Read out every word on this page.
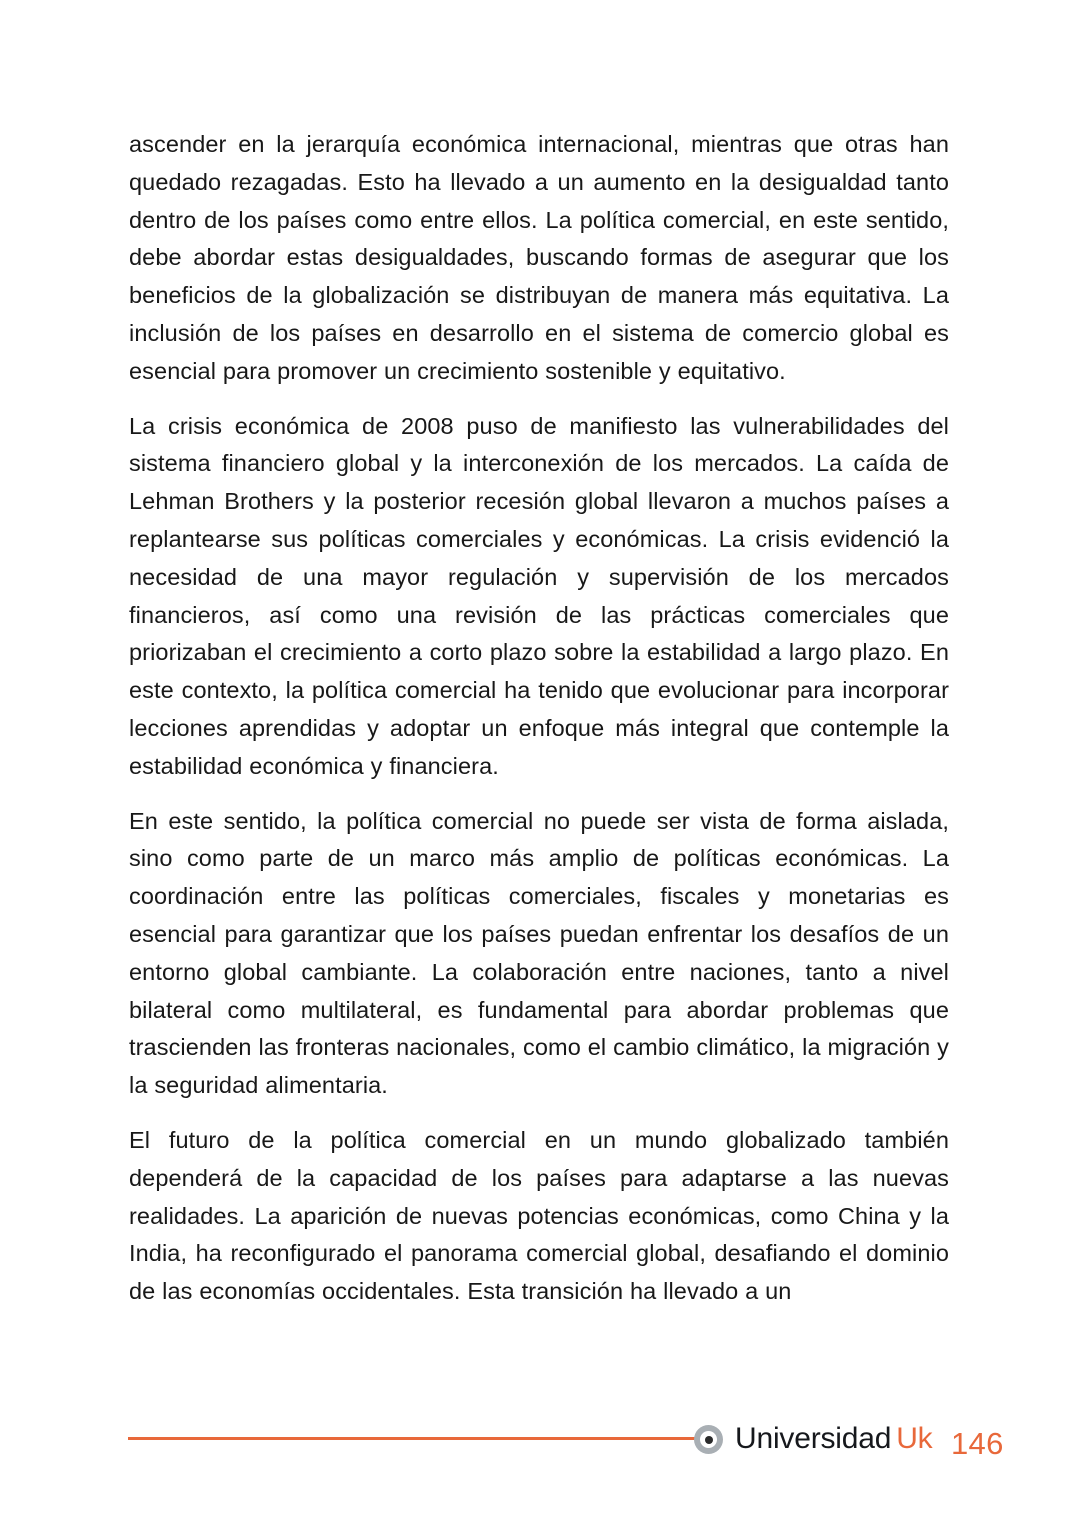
ascender en la jerarquía económica internacional, mientras que otras han quedado rezagadas. Esto ha llevado a un aumento en la desigualdad tanto dentro de los países como entre ellos. La política comercial, en este sentido, debe abordar estas desigualdades, buscando formas de asegurar que los beneficios de la globalización se distribuyan de manera más equitativa. La inclusión de los países en desarrollo en el sistema de comercio global es esencial para promover un crecimiento sostenible y equitativo.

La crisis económica de 2008 puso de manifiesto las vulnerabilidades del sistema financiero global y la interconexión de los mercados. La caída de Lehman Brothers y la posterior recesión global llevaron a muchos países a replantearse sus políticas comerciales y económicas. La crisis evidenció la necesidad de una mayor regulación y supervisión de los mercados financieros, así como una revisión de las prácticas comerciales que priorizaban el crecimiento a corto plazo sobre la estabilidad a largo plazo. En este contexto, la política comercial ha tenido que evolucionar para incorporar lecciones aprendidas y adoptar un enfoque más integral que contemple la estabilidad económica y financiera.

En este sentido, la política comercial no puede ser vista de forma aislada, sino como parte de un marco más amplio de políticas económicas. La coordinación entre las políticas comerciales, fiscales y monetarias es esencial para garantizar que los países puedan enfrentar los desafíos de un entorno global cambiante. La colaboración entre naciones, tanto a nivel bilateral como multilateral, es fundamental para abordar problemas que trascienden las fronteras nacionales, como el cambio climático, la migración y la seguridad alimentaria.

El futuro de la política comercial en un mundo globalizado también dependerá de la capacidad de los países para adaptarse a las nuevas realidades. La aparición de nuevas potencias económicas, como China y la India, ha reconfigurado el panorama comercial global, desafiando el dominio de las economías occidentales. Esta transición ha llevado a un

Universidad Uk 146
